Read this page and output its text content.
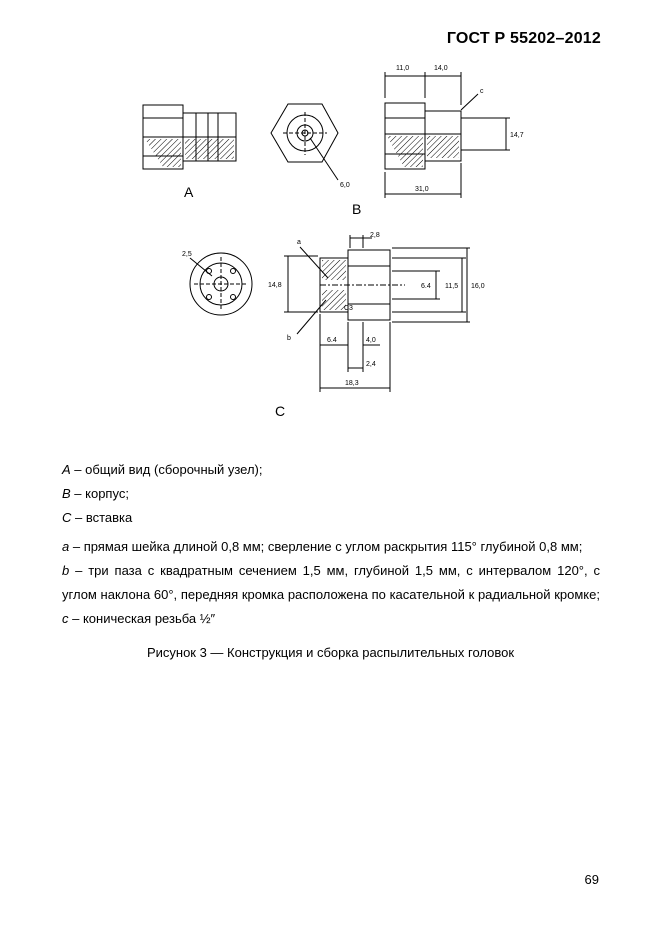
ГОСТ Р 55202–2012
A	6,0
11,0	14,0
c
14,7
31,0
B
2,5
a
b
C3
2,8
14,8	6.4 11,5 16,0
6.4	4,0
2,4
18,3
C

A – общий вид (сборочный узел);

B – корпус;

C – вставка

a – прямая шейка длиной 0,8 мм; сверление с углом раскрытия 115° глубиной 0,8 мм;

b – три паза с квадратным сечением 1,5 мм, глубиной 1,5 мм, с интервалом 120°, с углом наклона 60°, передняя кромка расположена по касательной к радиальной кромке; c – коническая резьба ½″

Рисунок 3 — Конструкция и сборка распылительных головок
69
